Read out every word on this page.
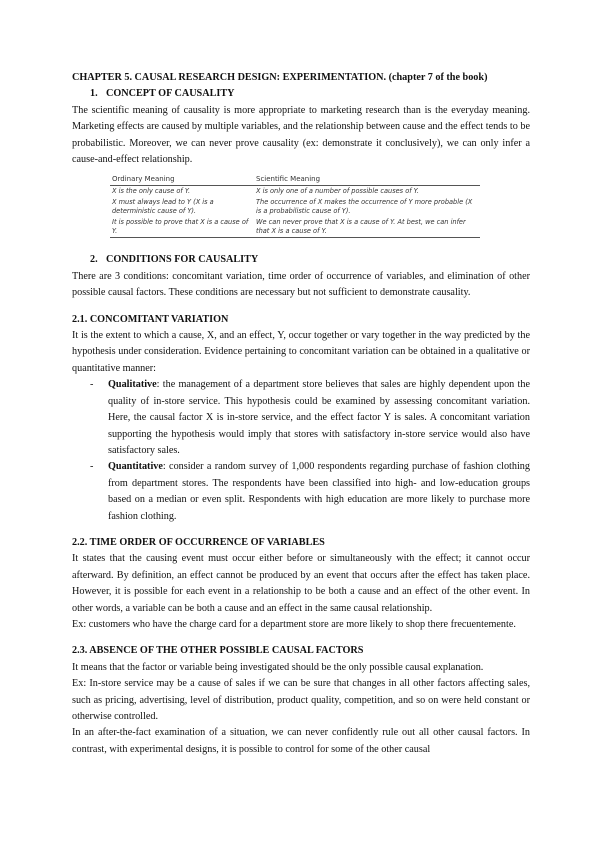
CHAPTER 5. CAUSAL RESEARCH DESIGN: EXPERIMENTATION. (chapter 7 of the book)
1. CONCEPT OF CAUSALITY

The scientific meaning of causality is more appropriate to marketing research than is the everyday meaning. Marketing effects are caused by multiple variables, and the relationship between cause and the effect tends to be probabilistic. Moreover, we can never prove causality (ex: demonstrate it conclusively), we can only infer a cause-and-effect relationship.

Ordinary Meaning	Scientific Meaning
X is the only cause of Y.	X is only one of a number of possible causes of Y.
X must always lead to Y (X is a deterministic cause of Y).	The occurrence of X makes the occurrence of Y more probable (X is a probabilistic cause of Y).
It is possible to prove that X is a cause of Y.	We can never prove that X is a cause of Y. At best, we can infer that X is a cause of Y.
2. CONDITIONS FOR CAUSALITY

There are 3 conditions: concomitant variation, time order of occurrence of variables, and elimination of other possible causal factors. These conditions are necessary but not sufficient to demonstrate causality.

2.1. CONCOMITANT VARIATION

It is the extent to which a cause, X, and an effect, Y, occur together or vary together in the way predicted by the hypothesis under consideration. Evidence pertaining to concomitant variation can be obtained in a qualitative or quantitative manner:

- Qualitative: the management of a department store believes that sales are highly dependent upon the quality of in-store service. This hypothesis could be examined by assessing concomitant variation. Here, the causal factor X is in-store service, and the effect factor Y is sales. A concomitant variation supporting the hypothesis would imply that stores with satisfactory in-store service would also have satisfactory sales.
- Quantitative: consider a random survey of 1,000 respondents regarding purchase of fashion clothing from department stores. The respondents have been classified into high- and low-education groups based on a median or even split. Respondents with high education are more likely to purchase more fashion clothing.
2.2. TIME ORDER OF OCCURRENCE OF VARIABLES

It states that the causing event must occur either before or simultaneously with the effect; it cannot occur afterward. By definition, an effect cannot be produced by an event that occurs after the effect has taken place. However, it is possible for each event in a relationship to be both a cause and an effect of the other event. In other words, a variable can be both a cause and an effect in the same causal relationship.

Ex: customers who have the charge card for a department store are more likely to shop there frecuentemente.

2.3. ABSENCE OF THE OTHER POSSIBLE CAUSAL FACTORS

It means that the factor or variable being investigated should be the only possible causal explanation.

Ex: In-store service may be a cause of sales if we can be sure that changes in all other factors affecting sales, such as pricing, advertising, level of distribution, product quality, competition, and so on were held constant or otherwise controlled.

In an after-the-fact examination of a situation, we can never confidently rule out all other causal factors. In contrast, with experimental designs, it is possible to control for some of the other causal
